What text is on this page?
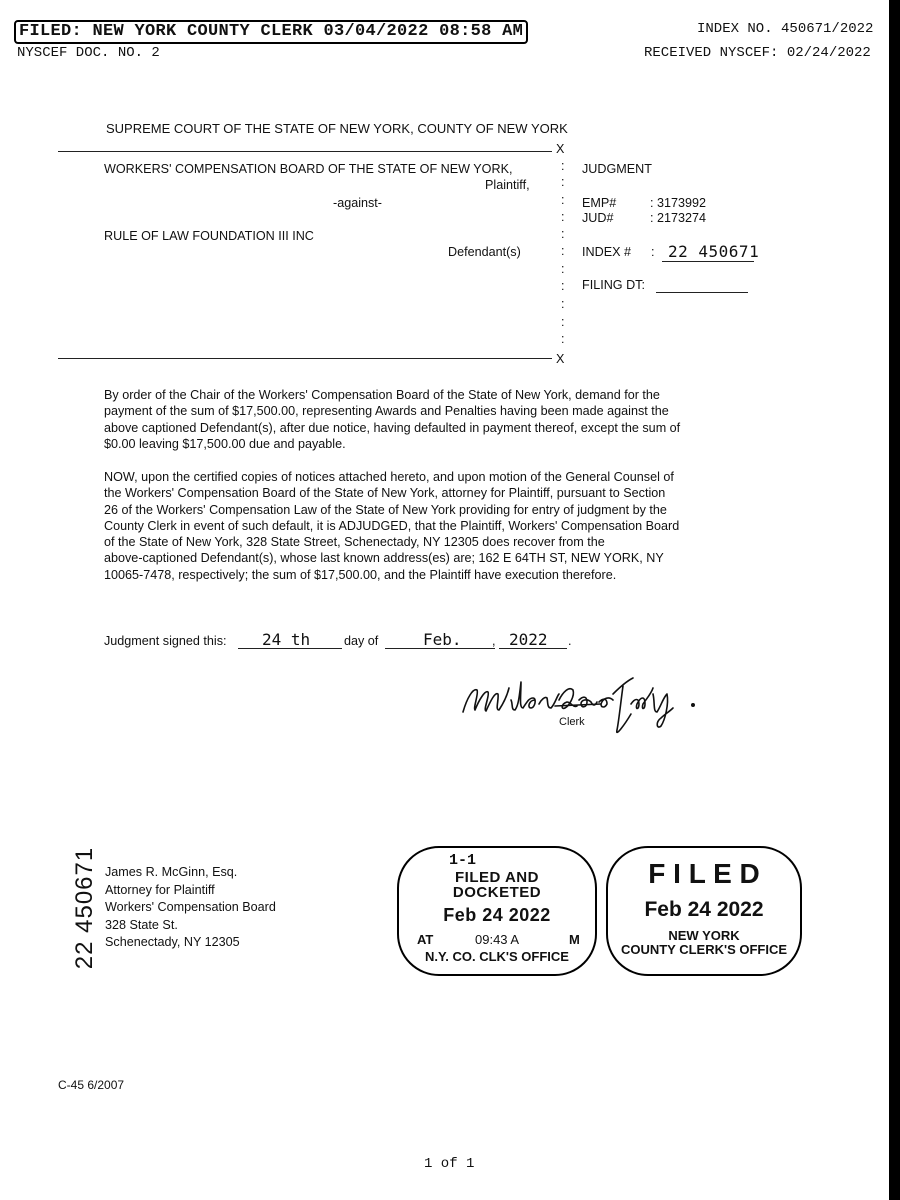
FILED: NEW YORK COUNTY CLERK 03/04/2022 08:58 AM	INDEX NO. 450671/2022
NYSCEF DOC. NO. 2	RECEIVED NYSCEF: 02/24/2022
SUPREME COURT OF THE STATE OF NEW YORK, COUNTY OF NEW YORK
X
X
:
:
:
:
:
:
:
:
:
:
:
WORKERS' COMPENSATION BOARD OF THE STATE OF NEW YORK,
Plaintiff,
-against-
RULE OF LAW FOUNDATION III INC
Defendant(s)
JUDGMENT
EMP#	: 3173992
JUD#	: 2173274
INDEX # : 22 450671
FILING DT:
By order of the Chair of the Workers' Compensation Board of the State of New York, demand for the
payment of the sum of $17,500.00, representing Awards and Penalties having been made against the
above captioned Defendant(s), after due notice, having defaulted in payment thereof, except the sum of
$0.00 leaving $17,500.00 due and payable.
NOW, upon the certified copies of notices attached hereto, and upon motion of the General Counsel of
the Workers' Compensation Board of the State of New York, attorney for Plaintiff, pursuant to Section
26 of the Workers' Compensation Law of the State of New York providing for entry of judgment by the
County Clerk in event of such default, it is ADJUDGED, that the Plaintiff, Workers' Compensation Board
of the State of New York, 328 State Street, Schenectady, NY 12305 does recover from the
above-captioned Defendant(s), whose last known address(es) are; 162 E 64TH ST, NEW YORK, NY
10065-7478, respectively; the sum of $17,500.00, and the Plaintiff have execution therefore.
Judgment signed this: 24 th	day of	Feb. , 2022 .
Clerk
22 450671 James R. McGinn, Esq.
Attorney for Plaintiff
Workers' Compensation Board
328 State St.
Schenectady, NY 12305
1-1
FILED AND
DOCKETED
Feb 24 2022
AT	09:43 A	M
N.Y. CO. CLK'S OFFICE
F I L E D
Feb 24 2022
NEW YORK
COUNTY CLERK'S OFFICE
C-45 6/2007
1 of 1
